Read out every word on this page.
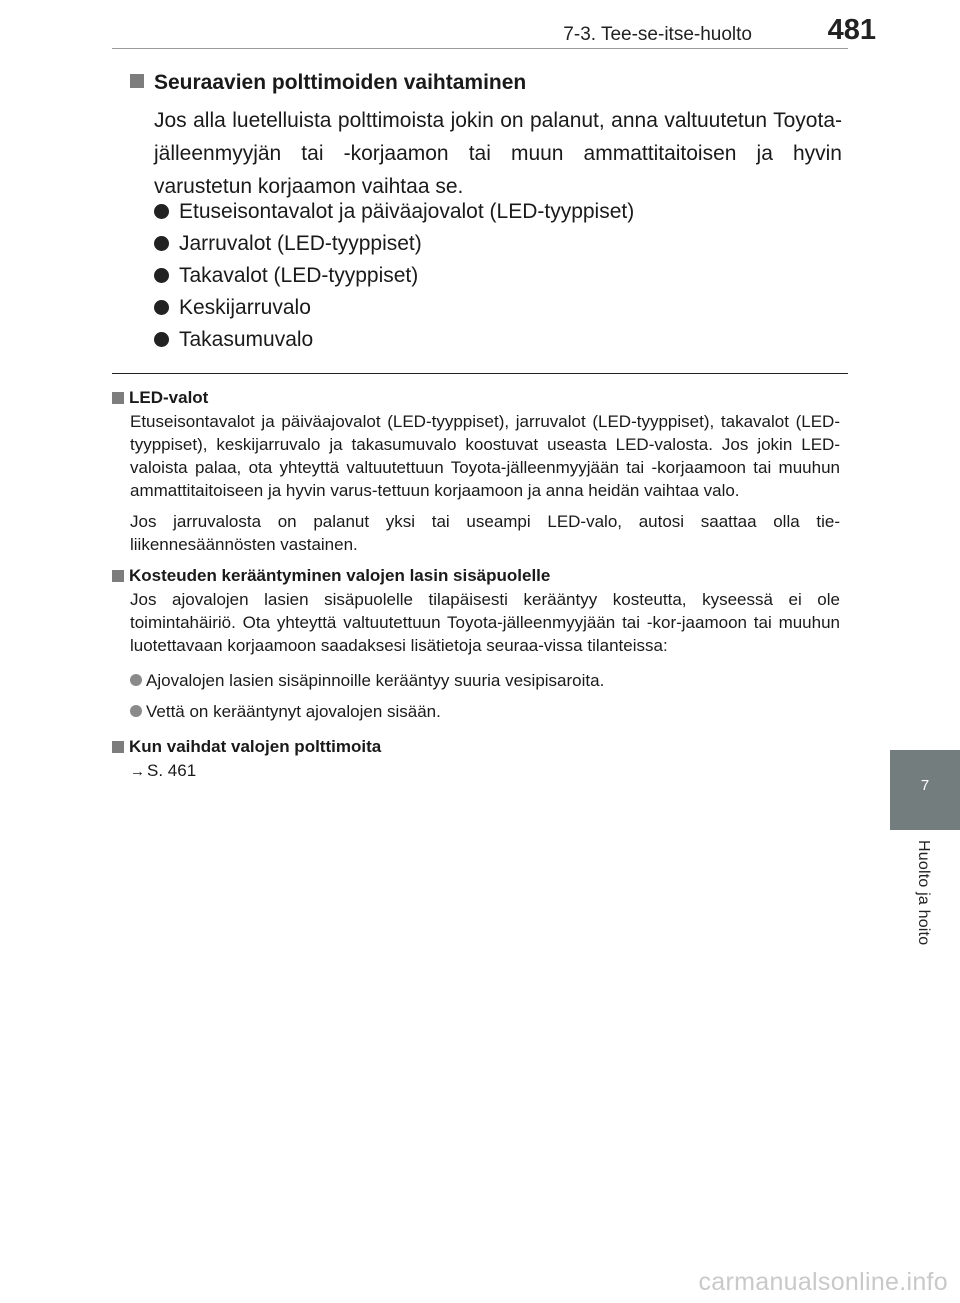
7-3. Tee-se-itse-huolto	481
7
Huolto ja hoito
Seuraavien polttimoiden vaihtaminen
Jos alla luetelluista polttimoista jokin on palanut, anna valtuutetun Toyota-jälleenmyyjän tai -korjaamon tai muun ammattitaitoisen ja hyvin varustetun korjaamon vaihtaa se.
Etuseisontavalot ja päiväajovalot (LED-tyyppiset)
Jarruvalot (LED-tyyppiset)
Takavalot (LED-tyyppiset)
Keskijarruvalo
Takasumuvalo
LED-valot

Etuseisontavalot ja päiväajovalot (LED-tyyppiset), jarruvalot (LED-tyyppiset), takavalot (LED-tyyppiset), keskijarruvalo ja takasumuvalo koostuvat useasta LED-valosta. Jos jokin LED-valoista palaa, ota yhteyttä valtuutettuun Toyota-jälleenmyyjään tai -korjaamoon tai muuhun ammattitaitoiseen ja hyvin varus-tettuun korjaamoon ja anna heidän vaihtaa valo.

Jos jarruvalosta on palanut yksi tai useampi LED-valo, autosi saattaa olla tie-liikennesäännösten vastainen.

Kosteuden kerääntyminen valojen lasin sisäpuolelle

Jos ajovalojen lasien sisäpuolelle tilapäisesti kerääntyy kosteutta, kyseessä ei ole toimintahäiriö. Ota yhteyttä valtuutettuun Toyota-jälleenmyyjään tai -kor-jaamoon tai muuhun luotettavaan korjaamoon saadaksesi lisätietoja seuraa-vissa tilanteissa:

Ajovalojen lasien sisäpinnoille kerääntyy suuria vesipisaroita.
Vettä on kerääntynyt ajovalojen sisään.
Kun vaihdat valojen polttimoita
→ S. 461
carmanualsonline.info
